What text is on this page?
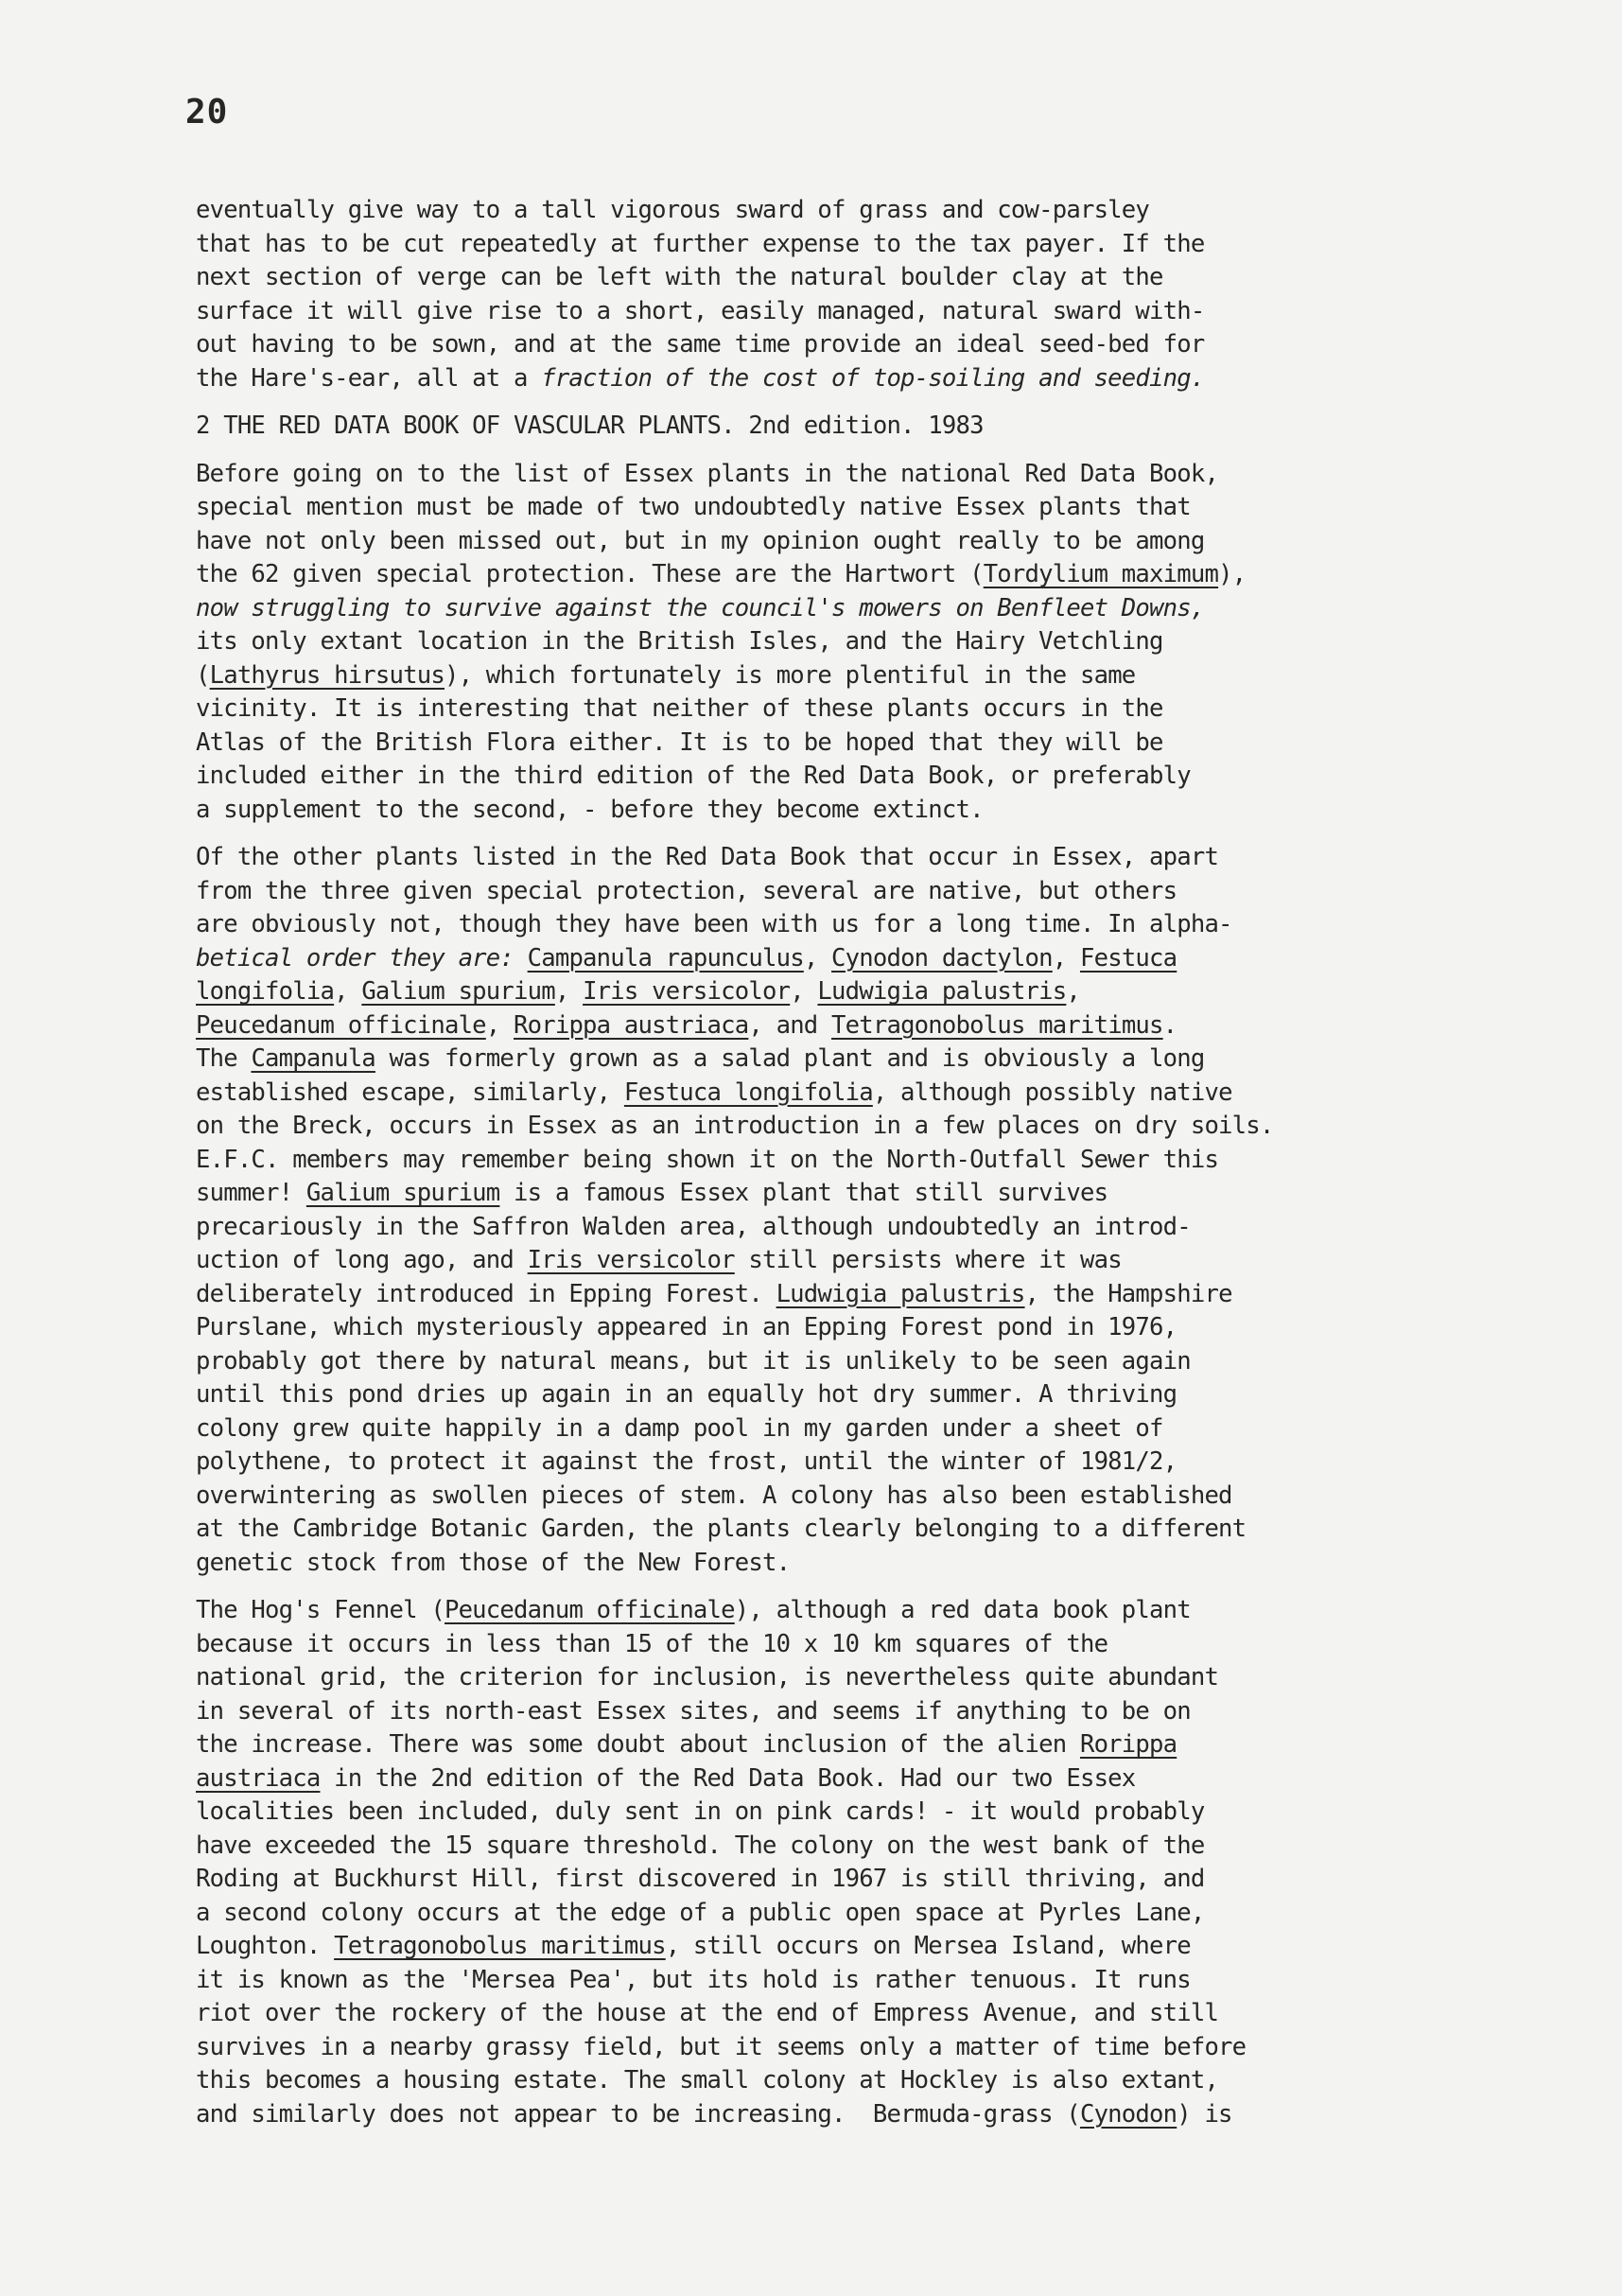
20
eventually give way to a tall vigorous sward of grass and cow-parsley
that has to be cut repeatedly at further expense to the tax payer. If the
next section of verge can be left with the natural boulder clay at the
surface it will give rise to a short, easily managed, natural sward with-
out having to be sown, and at the same time provide an ideal seed-bed for
the Hare's-ear, all at a fraction of the cost of top-soiling and seeding.
2 THE RED DATA BOOK OF VASCULAR PLANTS. 2nd edition. 1983
Before going on to the list of Essex plants in the national Red Data Book,
special mention must be made of two undoubtedly native Essex plants that
have not only been missed out, but in my opinion ought really to be among
the 62 given special protection. These are the Hartwort (Tordylium maximum),
now struggling to survive against the council's mowers on Benfleet Downs,
its only extant location in the British Isles, and the Hairy Vetchling
(Lathyrus hirsutus), which fortunately is more plentiful in the same
vicinity. It is interesting that neither of these plants occurs in the
Atlas of the British Flora either. It is to be hoped that they will be
included either in the third edition of the Red Data Book, or preferably
a supplement to the second, - before they become extinct.
Of the other plants listed in the Red Data Book that occur in Essex, apart
from the three given special protection, several are native, but others
are obviously not, though they have been with us for a long time. In alpha-
betical order they are: Campanula rapunculus, Cynodon dactylon, Festuca
longifolia, Galium spurium, Iris versicolor, Ludwigia palustris,
Peucedanum officinale, Rorippa austriaca, and Tetragonobolus maritimus.
The Campanula was formerly grown as a salad plant and is obviously a long
established escape, similarly, Festuca longifolia, although possibly native
on the Breck, occurs in Essex as an introduction in a few places on dry soils.
E.F.C. members may remember being shown it on the North-Outfall Sewer this
summer! Galium spurium is a famous Essex plant that still survives
precariously in the Saffron Walden area, although undoubtedly an introd-
uction of long ago, and Iris versicolor still persists where it was
deliberately introduced in Epping Forest. Ludwigia palustris, the Hampshire
Purslane, which mysteriously appeared in an Epping Forest pond in 1976,
probably got there by natural means, but it is unlikely to be seen again
until this pond dries up again in an equally hot dry summer. A thriving
colony grew quite happily in a damp pool in my garden under a sheet of
polythene, to protect it against the frost, until the winter of 1981/2,
overwintering as swollen pieces of stem. A colony has also been established
at the Cambridge Botanic Garden, the plants clearly belonging to a different
genetic stock from those of the New Forest.
The Hog's Fennel (Peucedanum officinale), although a red data book plant
because it occurs in less than 15 of the 10 x 10 km squares of the
national grid, the criterion for inclusion, is nevertheless quite abundant
in several of its north-east Essex sites, and seems if anything to be on
the increase. There was some doubt about inclusion of the alien Rorippa
austriaca in the 2nd edition of the Red Data Book. Had our two Essex
localities been included, duly sent in on pink cards! - it would probably
have exceeded the 15 square threshold. The colony on the west bank of the
Roding at Buckhurst Hill, first discovered in 1967 is still thriving, and
a second colony occurs at the edge of a public open space at Pyrles Lane,
Loughton. Tetragonobolus maritimus, still occurs on Mersea Island, where
it is known as the 'Mersea Pea', but its hold is rather tenuous. It runs
riot over the rockery of the house at the end of Empress Avenue, and still
survives in a nearby grassy field, but it seems only a matter of time before
this becomes a housing estate. The small colony at Hockley is also extant,
and similarly does not appear to be increasing.  Bermuda-grass (Cynodon) is
